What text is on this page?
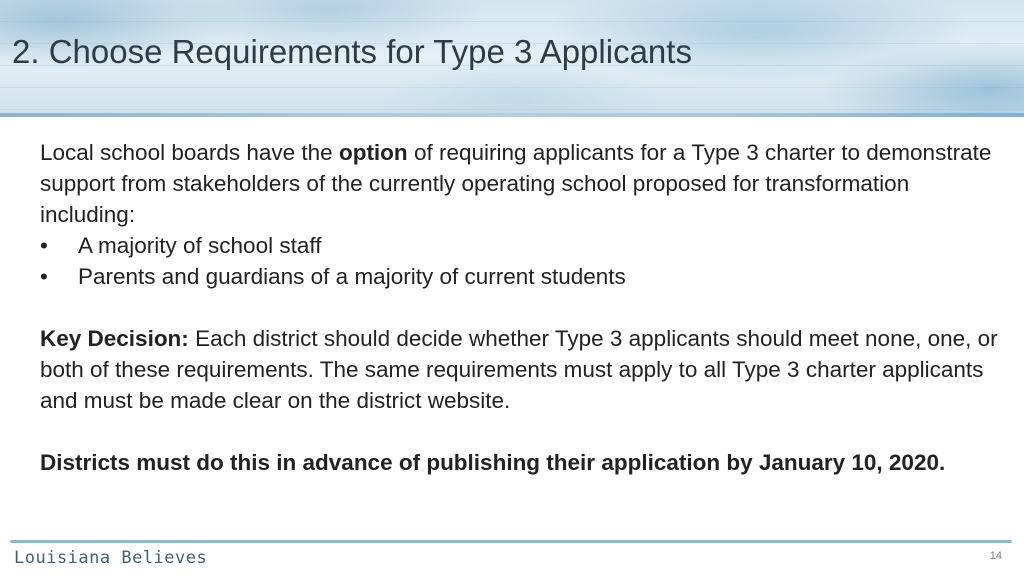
2. Choose Requirements for Type 3 Applicants

Local school boards have the option of requiring applicants for a Type 3 charter to demonstrate support from stakeholders of the currently operating school proposed for transformation including:

• A majority of school staff
• Parents and guardians of a majority of current students

Key Decision: Each district should decide whether Type 3 applicants should meet none, one, or both of these requirements. The same requirements must apply to all Type 3 charter applicants and must be made clear on the district website.

Districts must do this in advance of publishing their application by January 10, 2020.

Louisiana Believes	14
